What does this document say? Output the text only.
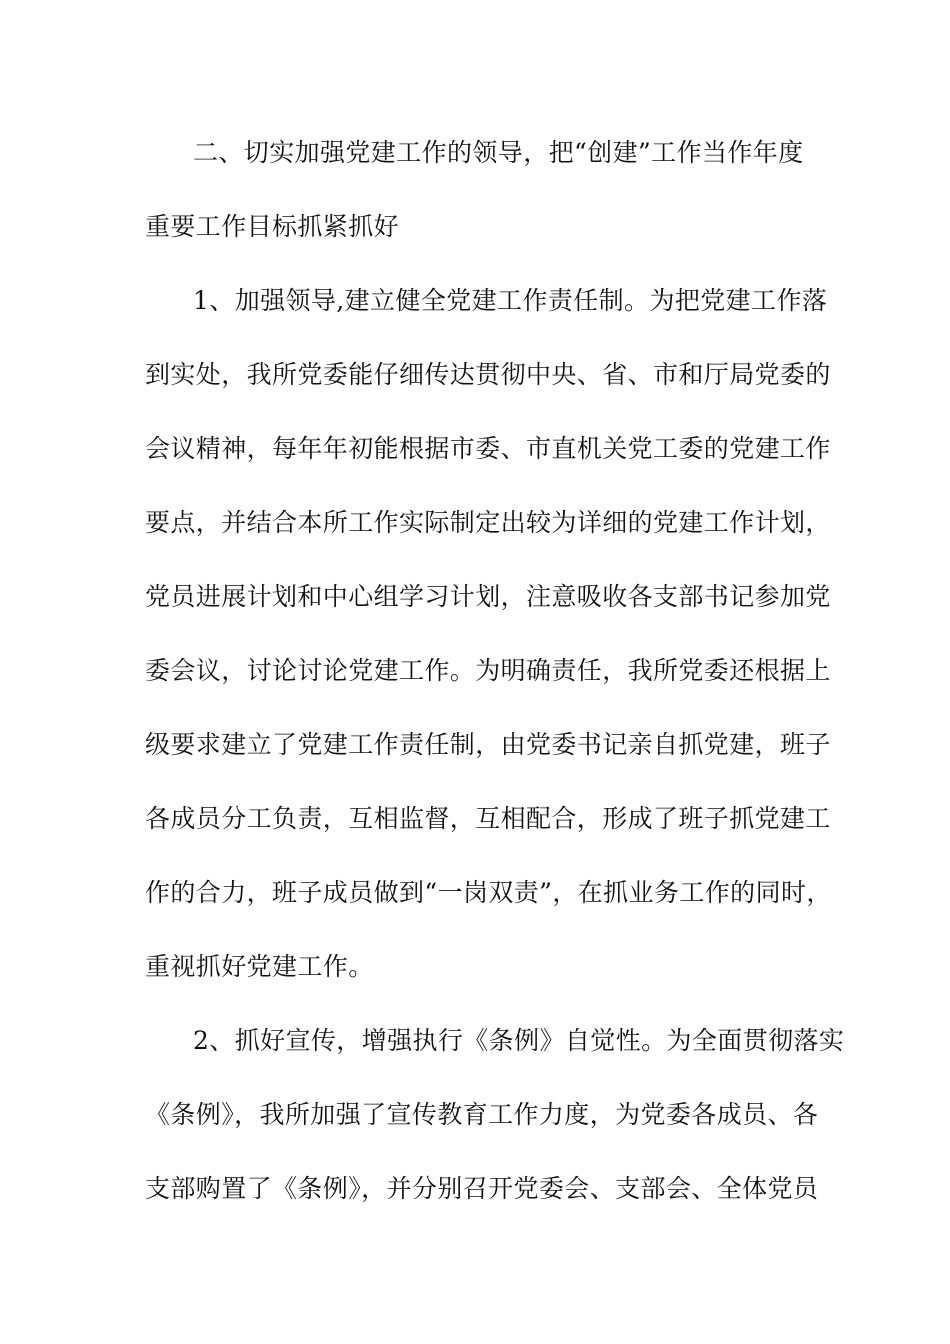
二、切实加强党建工作的领导，把“创建”工作当作年度
重要工作目标抓紧抓好
1、加强领导,建立健全党建工作责任制。为把党建工作落
到实处，我所党委能仔细传达贯彻中央、省、市和厅局党委的
会议精神，每年年初能根据市委、市直机关党工委的党建工作
要点，并结合本所工作实际制定出较为详细的党建工作计划，
党员进展计划和中心组学习计划，注意吸收各支部书记参加党
委会议，讨论讨论党建工作。为明确责任，我所党委还根据上
级要求建立了党建工作责任制，由党委书记亲自抓党建，班子
各成员分工负责，互相监督，互相配合，形成了班子抓党建工
作的合力，班子成员做到“一岗双责”，在抓业务工作的同时，
重视抓好党建工作。
2、抓好宣传，增强执行《条例》自觉性。为全面贯彻落实
《条例》，我所加强了宣传教育工作力度，为党委各成员、各
支部购置了《条例》，并分别召开党委会、支部会、全体党员
